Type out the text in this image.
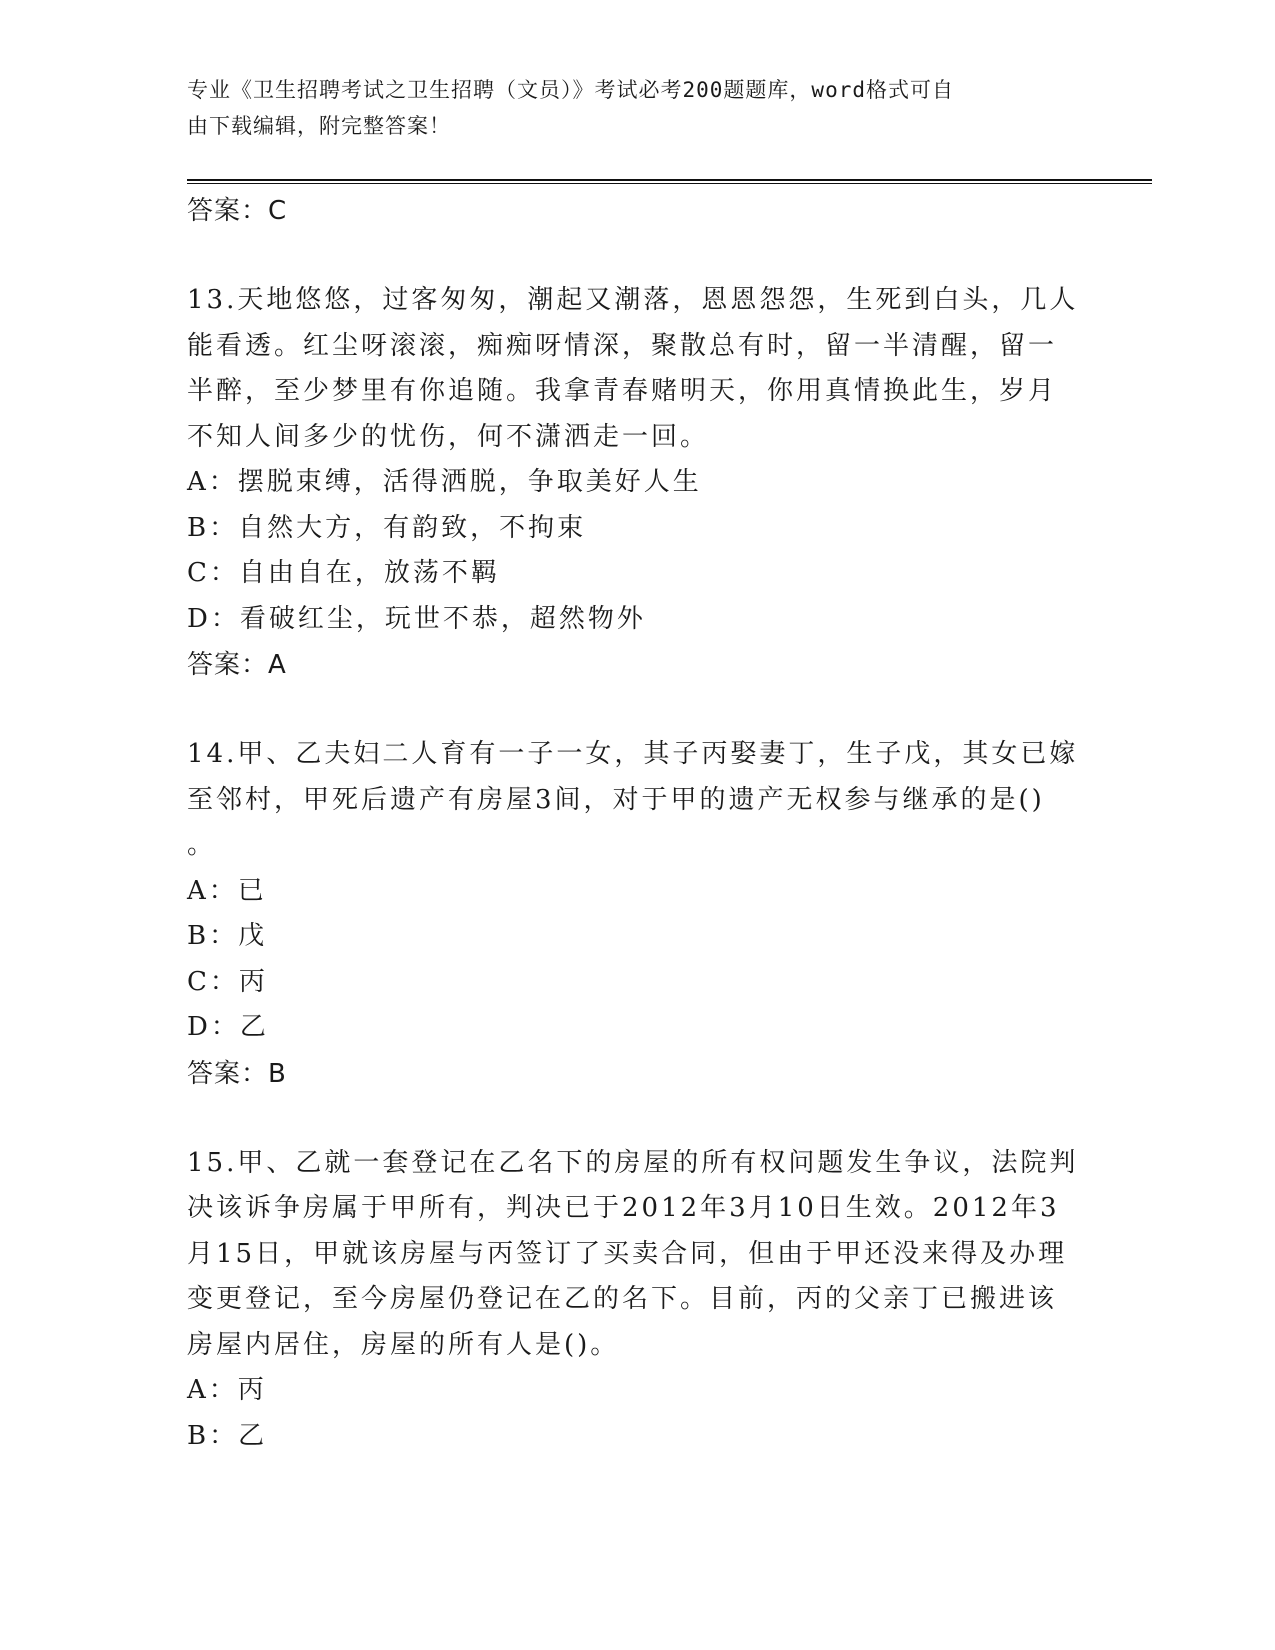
专业《卫生招聘考试之卫生招聘（文员）》考试必考200题题库，word格式可自
由下载编辑，附完整答案！
答案：C
13.天地悠悠，过客匆匆，潮起又潮落，恩恩怨怨，生死到白头，几人
能看透。红尘呀滚滚，痴痴呀情深，聚散总有时，留一半清醒，留一
半醉，至少梦里有你追随。我拿青春赌明天，你用真情换此生，岁月
不知人间多少的忧伤，何不潇洒走一回。
A：摆脱束缚，活得洒脱，争取美好人生
B：自然大方，有韵致，不拘束
C：自由自在，放荡不羁
D：看破红尘，玩世不恭，超然物外
答案：A
14.甲、乙夫妇二人育有一子一女，其子丙娶妻丁，生子戊，其女已嫁
至邻村，甲死后遗产有房屋3间，对于甲的遗产无权参与继承的是()
。
A：已
B：戊
C：丙
D：乙
答案：B
15.甲、乙就一套登记在乙名下的房屋的所有权问题发生争议，法院判
决该诉争房属于甲所有，判决已于2012年3月10日生效。2012年3
月15日，甲就该房屋与丙签订了买卖合同，但由于甲还没来得及办理
变更登记，至今房屋仍登记在乙的名下。目前，丙的父亲丁已搬进该
房屋内居住，房屋的所有人是()。
A：丙
B：乙
